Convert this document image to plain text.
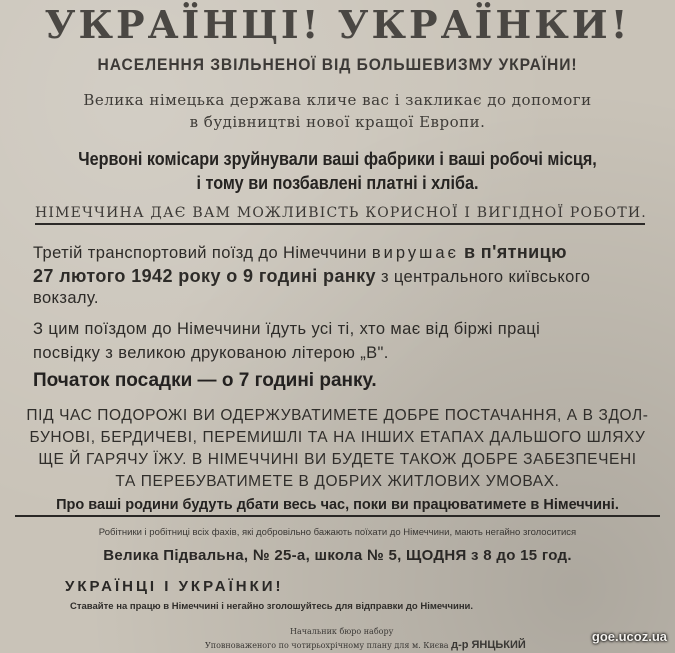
УКРАЇНЦІ! УКРАЇНКИ!
НАСЕЛЕННЯ ЗВІЛЬНЕНОЇ ВІД БОЛЬШЕВИЗМУ УКРАЇНИ!
Велика німецька держава кличе вас і закликає до допомоги
в будівництві нової кращої Европи.
Червоні комісари зруйнували ваші фабрики і ваші робочі місця,
і тому ви позбавлені платні і хліба.
НІМЕЧЧИНА ДАЄ ВАМ МОЖЛИВІСТЬ КОРИСНОЇ І ВИГІДНОЇ РОБОТИ.
Третій транспортовий поїзд до Німеччини вирушає в п'ятницю
27 лютого 1942 року о 9 годині ранку з центрального київського
вокзалу.
З цим поїздом до Німеччини їдуть усі ті, хто має від біржі праці
посвідку з великою друкованою літерою „В".
Початок посадки — о 7 годині ранку.
ПІД ЧАС ПОДОРОЖІ ВИ ОДЕРЖУВАТИМЕТЕ ДОБРЕ ПОСТАЧАННЯ, А В ЗДОЛ-
БУНОВІ, БЕРДИЧЕВІ, ПЕРЕМИШЛІ ТА НА ІНШИХ ЕТАПАХ ДАЛЬШОГО ШЛЯХУ
ЩЕ Й ГАРЯЧУ ЇЖУ. В НІМЕЧЧИНІ ВИ БУДЕТЕ ТАКОЖ ДОБРЕ ЗАБЕЗПЕЧЕНІ
ТА ПЕРЕБУВАТИМЕТЕ В ДОБРИХ ЖИТЛОВИХ УМОВАХ.
Про ваші родини будуть дбати весь час, поки ви працюватимете в Німеччині.
Робітники і робітниці всіх фахів, які добровільно бажають поїхати до Німеччини, мають негайно зголоситися
Велика Підвальна, № 25-а, школа № 5, ЩОДНЯ з 8 до 15 год.
УКРАЇНЦІ І УКРАЇНКИ!
Ставайте на працю в Німеччині і негайно зголошуйтесь для відправки до Німеччини.
Начальник бюро набору
Уповноваженого по чотирьохрічному плану для м. Києва д-р ЯНЦЬКИЙ
goe.ucoz.ua
